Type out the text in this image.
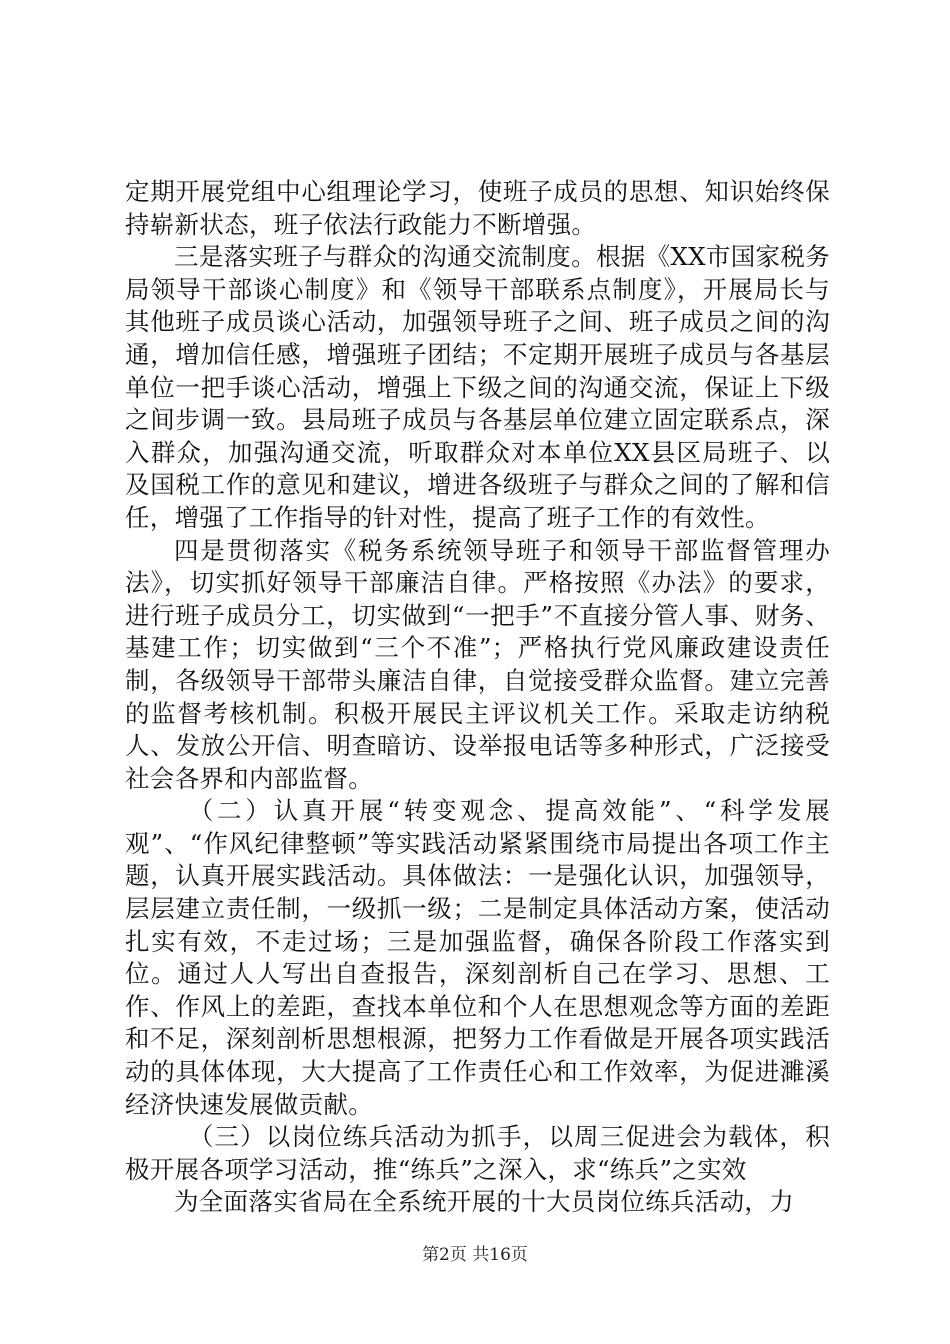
定期开展党组中心组理论学习，使班子成员的思想、知识始终保持崭新状态，班子依法行政能力不断增强。

三是落实班子与群众的沟通交流制度。根据《XX市国家税务局领导干部谈心制度》和《领导干部联系点制度》，开展局长与其他班子成员谈心活动，加强领导班子之间、班子成员之间的沟通，增加信任感，增强班子团结；不定期开展班子成员与各基层单位一把手谈心活动，增强上下级之间的沟通交流，保证上下级之间步调一致。县局班子成员与各基层单位建立固定联系点，深入群众，加强沟通交流，听取群众对本单位XX县区局班子、以及国税工作的意见和建议，增进各级班子与群众之间的了解和信任，增强了工作指导的针对性，提高了班子工作的有效性。

四是贯彻落实《税务系统领导班子和领导干部监督管理办法》，切实抓好领导干部廉洁自律。严格按照《办法》的要求，进行班子成员分工，切实做到“一把手”不直接分管人事、财务、基建工作；切实做到“三个不准”；严格执行党风廉政建设责任制，各级领导干部带头廉洁自律，自觉接受群众监督。建立完善的监督考核机制。积极开展民主评议机关工作。采取走访纳税人、发放公开信、明查暗访、设举报电话等多种形式，广泛接受社会各界和内部监督。

（二）认真开展“转变观念、提高效能”、“科学发展观”、“作风纪律整顿”等实践活动紧紧围绕市局提出各项工作主题，认真开展实践活动。具体做法：一是强化认识，加强领导，层层建立责任制，一级抓一级；二是制定具体活动方案，使活动扎实有效，不走过场；三是加强监督，确保各阶段工作落实到位。通过人人写出自查报告，深刻剖析自己在学习、思想、工作、作风上的差距，查找本单位和个人在思想观念等方面的差距和不足，深刻剖析思想根源，把努力工作看做是开展各项实践活动的具体体现，大大提高了工作责任心和工作效率，为促进濉溪经济快速发展做贡献。

（三）以岗位练兵活动为抓手，以周三促进会为载体，积极开展各项学习活动，推“练兵”之深入，求“练兵”之实效

为全面落实省局在全系统开展的十大员岗位练兵活动，力

第2页 共16页
